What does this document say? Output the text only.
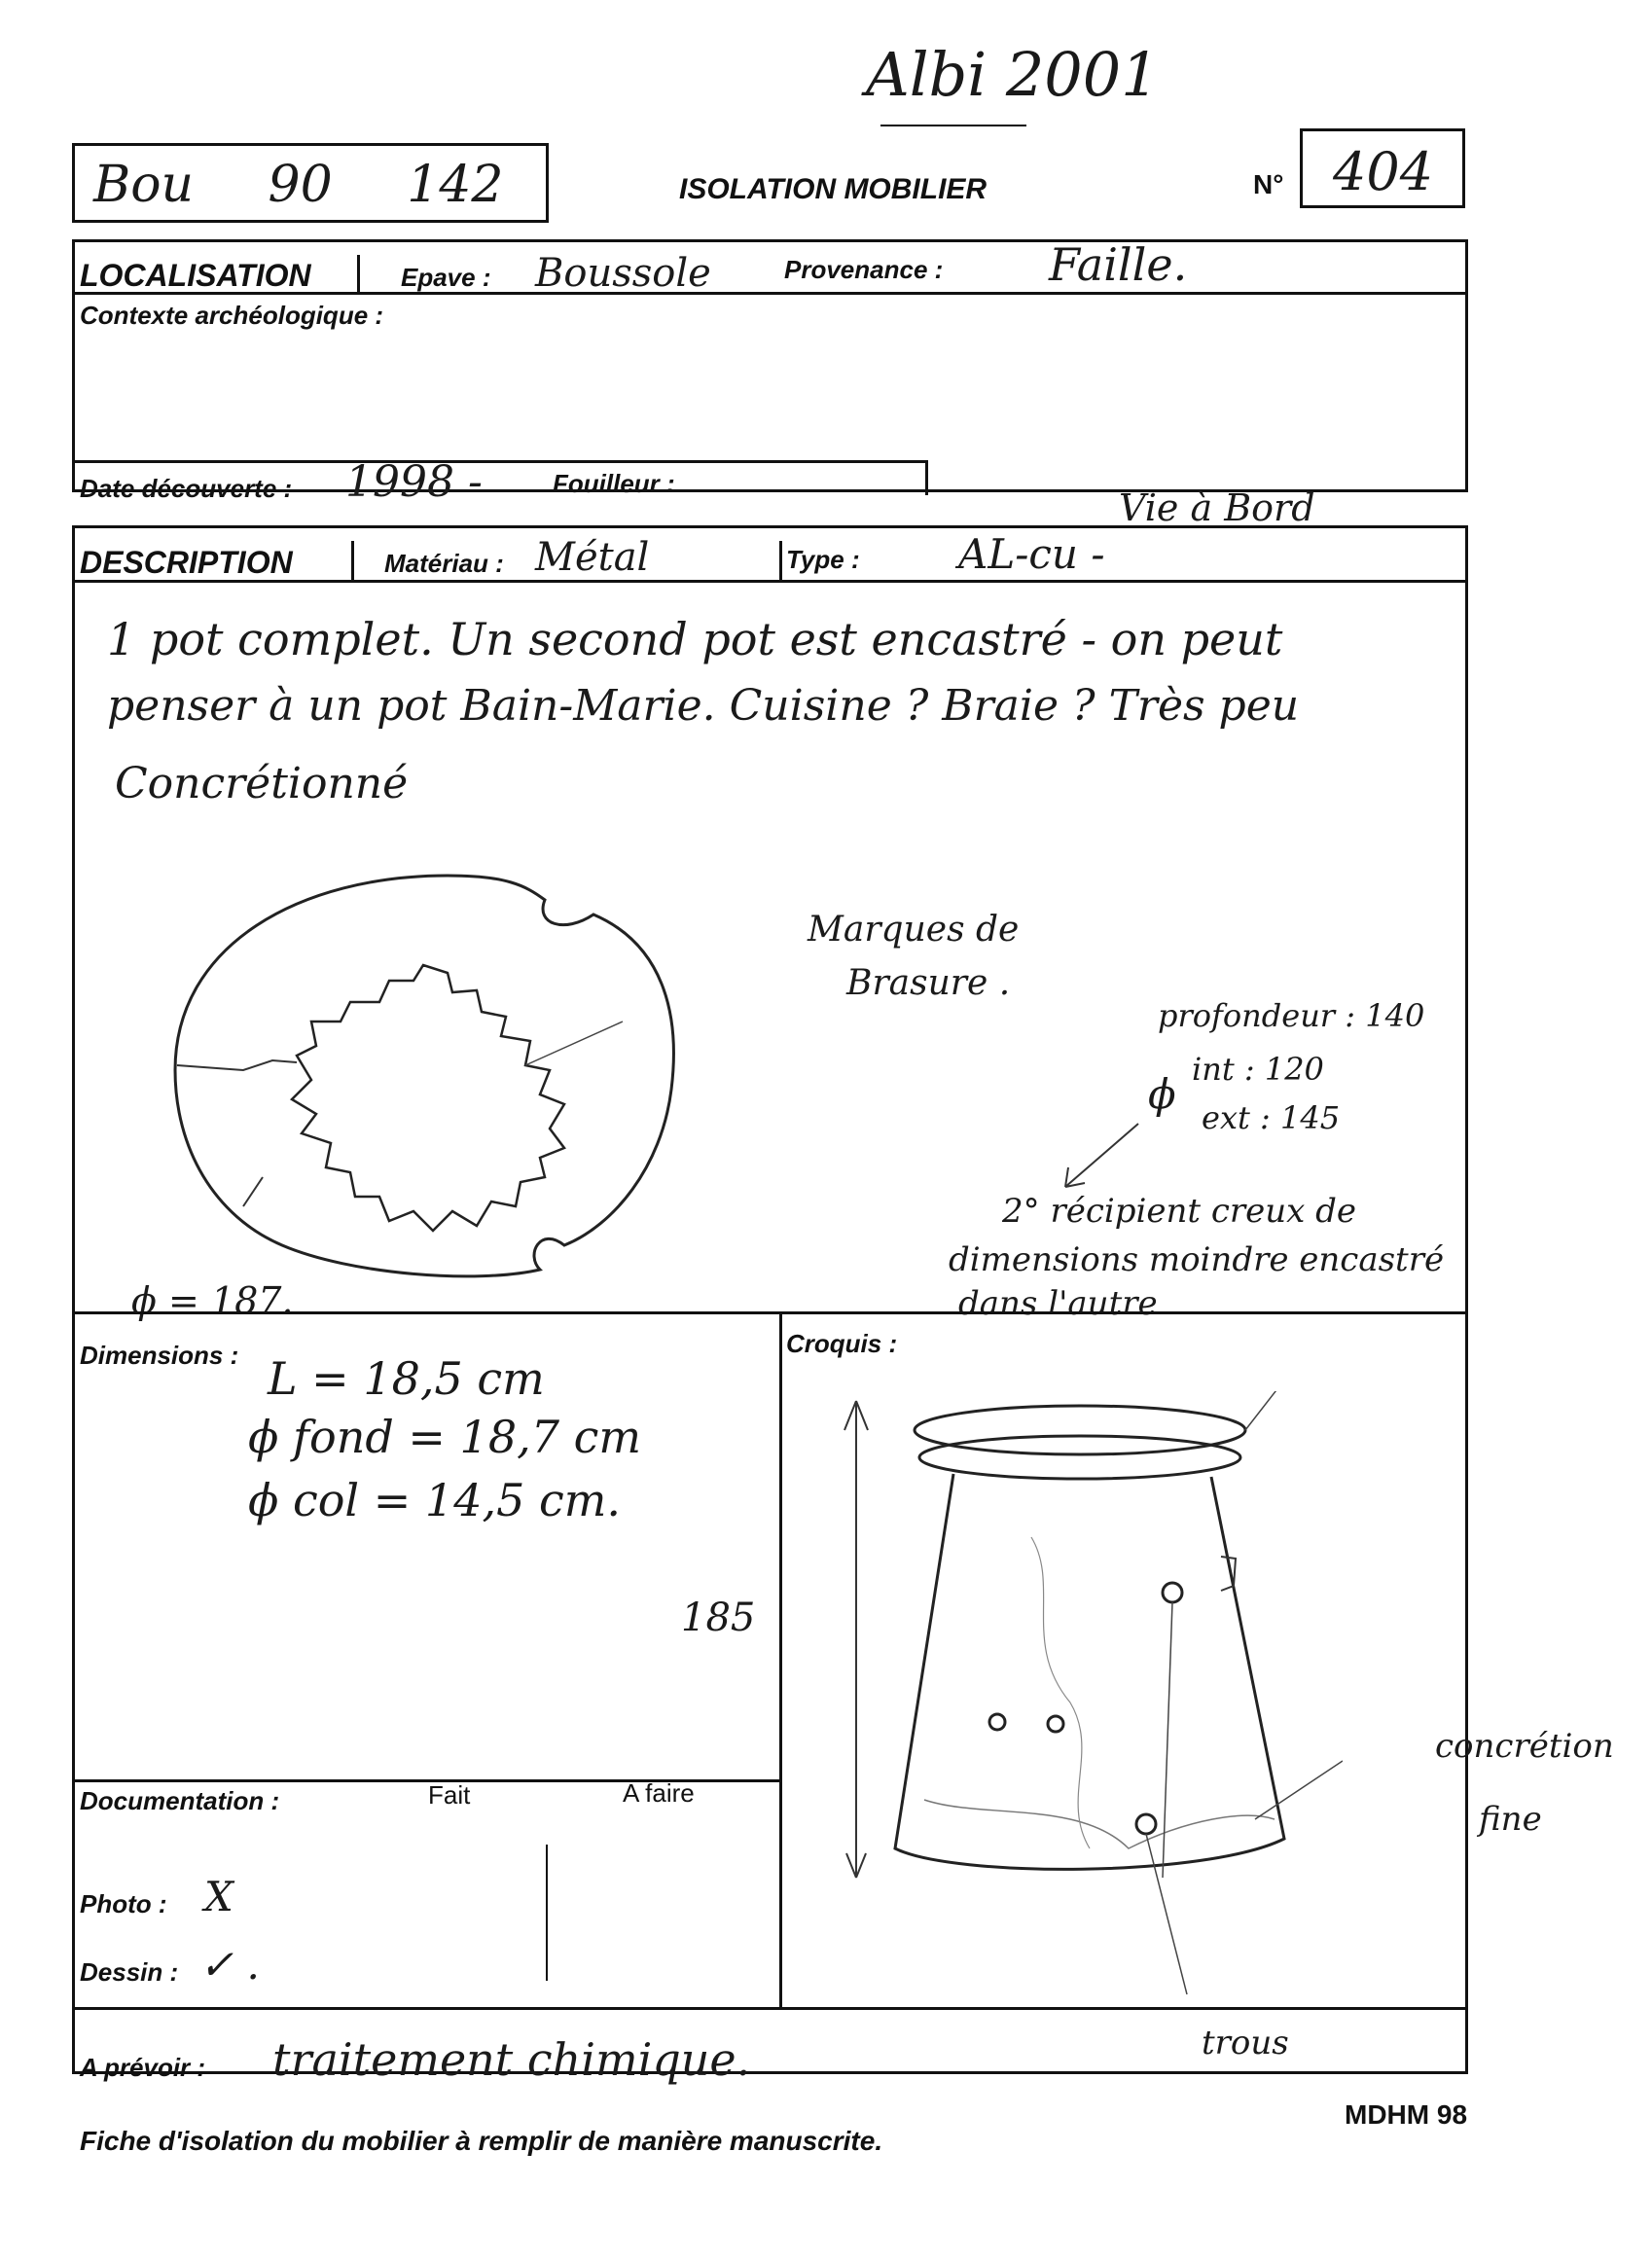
Albi 2001
Bou 90 142	ISOLATION MOBILIER	N° 404
LOCALISATION	Epave : Boussole	Provenance : Faille.
Contexte archéologique :
Date découverte : 1998 -	Fouilleur :
Vie à Bord
DESCRIPTION	Matériau : Métal	Type : AL-cu -
1 pot complet. Un second pot est encastré - on peut
penser à un pot Bain-Marie. Cuisine ? Braie ? Très peu
Concrétionné
ϕ = 187.
Marques de
Brasure .
profondeur : 140
ϕ
int : 120
ext : 145
2° récipient creux de
dimensions moindre encastré
dans l'autre
Dimensions : L = 18,5 cm
ϕ fond = 18,7 cm
ϕ col = 14,5 cm.
185
Croquis :
concrétion
fine
Documentation :	Fait	A faire
Photo : X
Dessin : ✓ .
A prévoir : traitement chimique.	trous
Fiche d'isolation du mobilier à remplir de manière manuscrite.
MDHM 98
